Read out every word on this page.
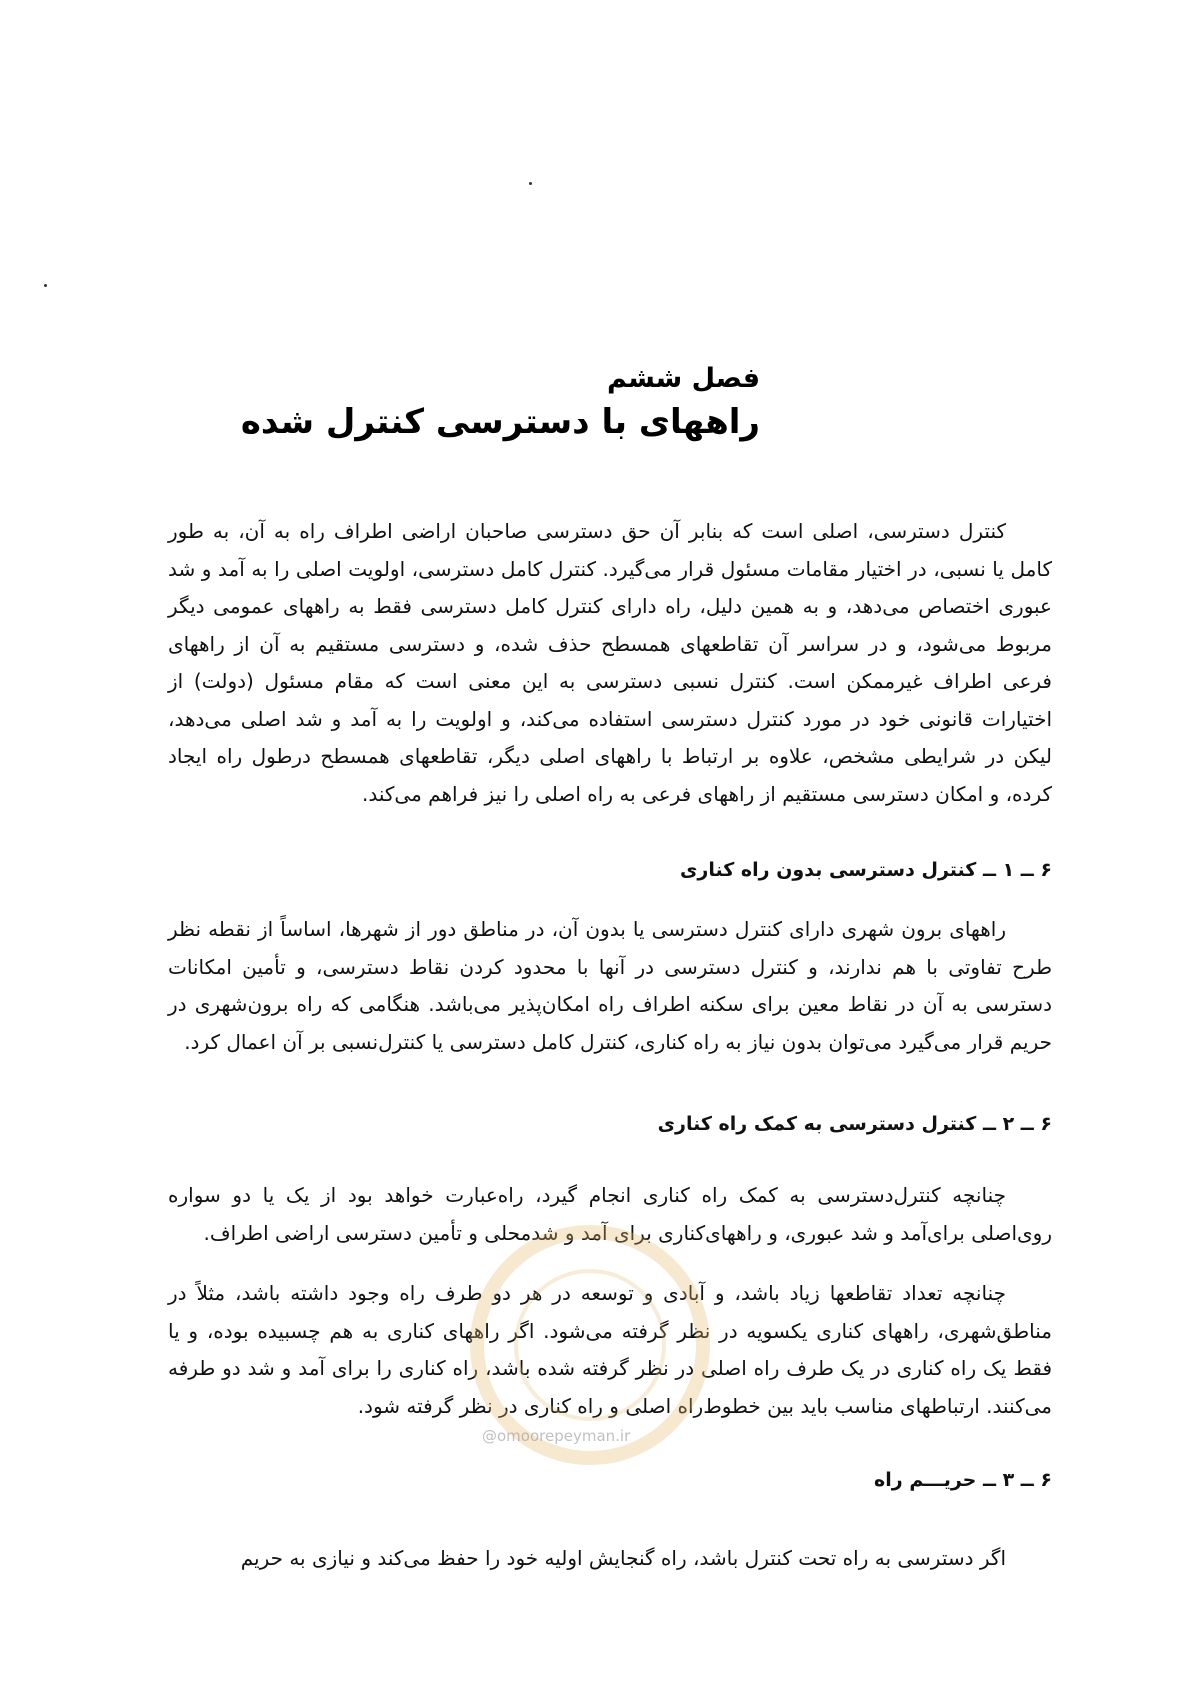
فصل ششم
راههای با دسترسی کنترل شده

کنترل دسترسی، اصلی است که بنابر آن حق دسترسی صاحبان اراضی اطراف راه به آن، به طور کامل یا نسبی، در اختیار مقامات مسئول قرار می‌گیرد. کنترل کامل دسترسی، اولویت اصلی را به آمد و شد عبوری اختصاص می‌دهد، و به همین دلیل، راه دارای کنترل کامل دسترسی فقط به راههای عمومی دیگر مربوط می‌شود، و در سراسر آن تقاطعهای همسطح حذف شده، و دسترسی مستقیم به آن از راههای فرعی اطراف غیرممکن است. کنترل نسبی دسترسی به این معنی است که مقام مسئول (دولت) از اختیارات قانونی خود در مورد کنترل دسترسی استفاده می‌کند، و اولویت را به آمد و شد اصلی می‌دهد، لیکن در شرایطی مشخص، علاوه بر ارتباط با راههای اصلی دیگر، تقاطعهای همسطح درطول راه ایجاد کرده، و امکان دسترسی مستقیم از راههای فرعی به راه اصلی را نیز فراهم می‌کند.

۶ ــ ۱ ــ کنترل دسترسی بدون راه کناری

راههای برون شهری دارای کنترل دسترسی یا بدون آن، در مناطق دور از شهرها، اساساً از نقطه نظر طرح تفاوتی با هم ندارند، و کنترل دسترسی در آنها با محدود کردن نقاط دسترسی، و تأمین امکانات دسترسی به آن در نقاط معین برای سکنه اطراف راه امکان‌پذیر می‌باشد. هنگامی که راه برون‌شهری در حریم قرار می‌گیرد می‌توان بدون نیاز به راه کناری، کنترل کامل دسترسی یا کنترل‌نسبی بر آن اعمال کرد.

۶ ــ ۲ ــ کنترل دسترسی به کمک راه کناری

چنانچه کنترل‌دسترسی به کمک راه کناری انجام گیرد، راه‌عبارت خواهد بود از یک یا دو سواره روی‌اصلی برای‌آمد و شد عبوری، و راههای‌کناری برای آمد و شدمحلی و تأمین دسترسی اراضی اطراف.

چنانچه تعداد تقاطعها زیاد باشد، و آبادی و توسعه در هر دو طرف راه وجود داشته باشد، مثلاً در مناطق‌شهری، راههای کناری یکسویه در نظر گرفته می‌شود. اگر راههای کناری به هم چسبیده بوده، و یا فقط یک راه کناری در یک طرف راه اصلی در نظر گرفته شده باشد، راه کناری را برای آمد و شد دو طرفه می‌کنند. ارتباطهای مناسب باید بین خطوط‌راه اصلی و راه کناری در نظر گرفته شود.

۶ ــ ۳ ــ حریـــم راه

اگر دسترسی به راه تحت کنترل باشد، راه گنجایش اولیه خود را حفظ می‌کند و نیازی به حریم

@omoorepeyman.ir
